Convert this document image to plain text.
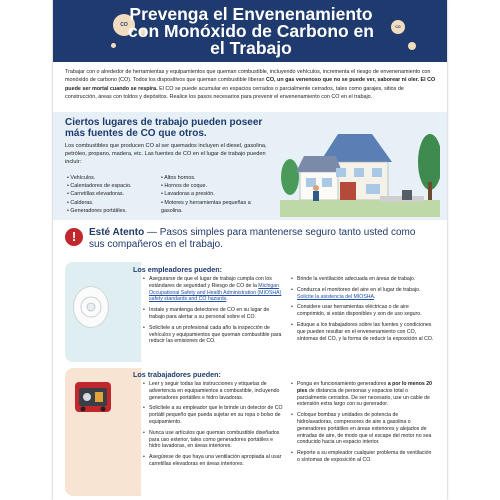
CO	CO
Prevenga el Envenenamiento
con Monóxido de Carbono en
el Trabajo
Trabajar con o alrededor de herramientas y equipamientos que queman combustible, incluyendo vehículos, incrementa el riesgo de envenenamiento con monóxido de carbono (CO). Todos los dispositivos que queman combustible liberan CO, un gas venenoso que no se puede ver, saborear ni oler. El CO puede ser mortal cuando se respira. El CO se puede acumular en espacios cerrados o parcialmente cerrados, tales como garajes, sitios de construcción, áreas con toldos y depósitos. Realice los pasos necesarios para prevenir el envenenamiento con CO en el trabajo.
Ciertos lugares de trabajo pueden poseer más fuentes de CO que otros.
Los combustibles que producen CO al ser quemados incluyen el diesel, gasolina, petróleo, propano, madera, etc. Las fuentes de CO en el lugar de trabajo pueden incluir:
• Vehículos.
• Calentadores de espacio.
• Carretillas elevadoras.
• Calderas.
• Generadores portátiles.
• Altos hornos.
• Hornos de coque.
• Lavadoras a presión.
• Motores y herramientas pequeñas a gasolina.
!	Esté Atento — Pasos simples para mantenerse seguro tanto usted como sus compañeros en el trabajo.
Los empleadores pueden:

• Asegurarse de que el lugar de trabajo cumpla con los estándares de seguridad y Riesgo de CO de la Michigan Occupational Safety and Health Administration (MIOSHA) safety standards and CO hazards.

• Instale y mantenga detectores de CO en su lugar de trabajo para alertar a su personal sobre el CO.

• Solicítele a un profesional cada año la inspección de vehículos y equipamientos que queman combustible para reducir las emisiones de CO.

• Brinde la ventilación adecuada en áreas de trabajo.

• Conduzca el monitoreo del aire en el lugar de trabajo. Solicite la asistencia del MIOSHA.

• Considere usar herramientas eléctricas o de aire comprimido, si están disponibles y son de uso seguro.

• Eduque a los trabajadores sobre las fuentes y condiciones que pueden resultar en el envenenamiento con CO, síntomas del CO, y la forma de reducir la exposición al CO.

Los trabajadores pueden:

• Leer y seguir todas las instrucciones y etiquetas de advertencia en equipamientos a combustible, incluyendo generadores portátiles e hidro lavadoras.

• Solicítele a su empleador que le brinde un detector de CO portátil pequeño que pueda sujetar en su ropa o bolso de equipamiento.

• Nunca use artículos que queman combustible diseñados para uso exterior, tales como generadores portátiles e hidro lavadoras, en áreas interiores.

• Asegúrese de que haya una ventilación apropiada al usar carretillas elevadoras en áreas interiores.

• Ponga en funcionamiento generadores a por lo menos 20 pies de distancia de personas y espacios total o parcialmente cerrados. De ser necesario, use un cable de extensión extra largo con su generador.

• Coloque bombas y unidades de potencia de hidrolavadoras, compresores de aire a gasolina o generadores portátiles en áreas exteriores y alejados de entradas de aire, de modo que el escape del motor no sea conducido hacia un espacio interior.

• Reporte a su empleador cualquier problema de ventilación o síntomas de exposición al CO.
